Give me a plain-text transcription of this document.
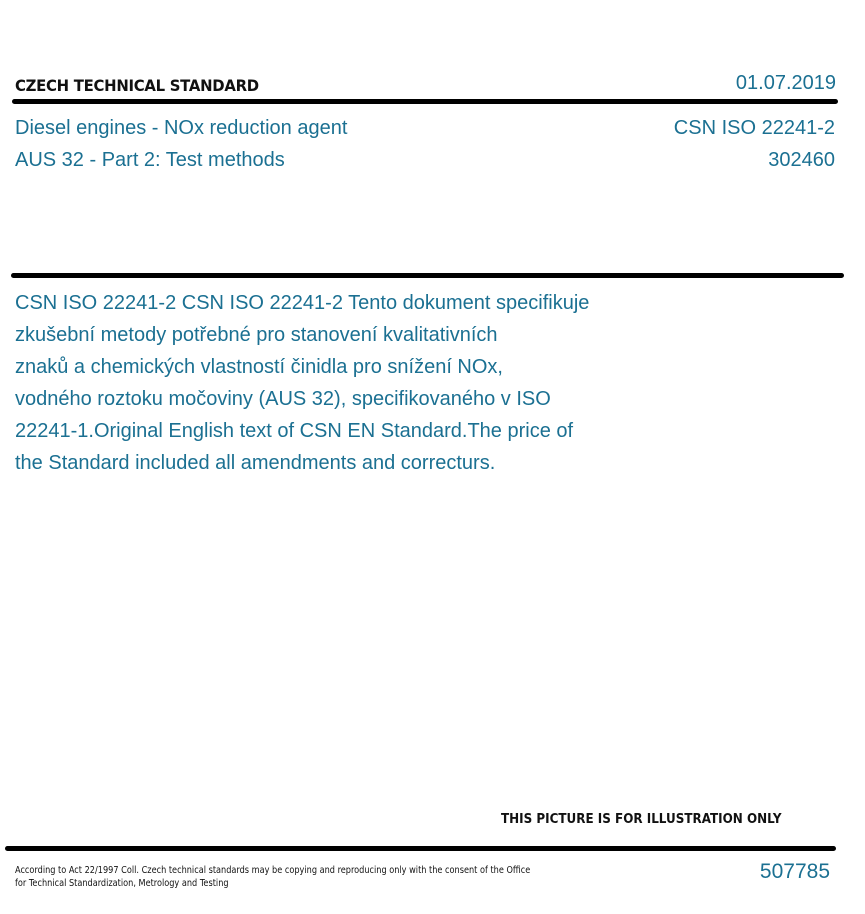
CZECH TECHNICAL STANDARD	01.07.2019
Diesel engines - NOx reduction agent
AUS 32 - Part 2: Test methods
CSN ISO 22241-2
302460
CSN ISO 22241-2 CSN ISO 22241-2 Tento dokument specifikuje
zkušební metody potřebné pro stanovení kvalitativních
znaků a chemických vlastností činidla pro snížení NOx,
vodného roztoku močoviny (AUS 32), specifikovaného v ISO
22241-1.Original English text of CSN EN Standard.The price of
the Standard included all amendments and correcturs.
THIS PICTURE IS FOR ILLUSTRATION ONLY
According to Act 22/1997 Coll. Czech technical standards may be copying and reproducing only with the consent of the Office
for Technical Standardization, Metrology and Testing
507785
